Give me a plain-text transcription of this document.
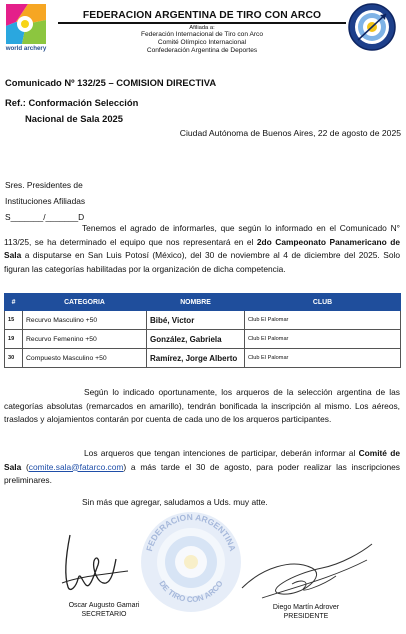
world archery
FEDERACION ARGENTINA DE TIRO CON ARCO
Afiliada a:
Federación Internacional de Tiro con Arco
Comité Olímpico Internacional
Confederación Argentina de Deportes
Comunicado Nº 132/25 – COMISION DIRECTIVA
Ref.: Conformación Selección
Nacional de Sala 2025
Ciudad Autónoma de Buenos Aires, 22 de agosto de 2025
Sres. Presidentes de
Instituciones Afiliadas
S_______/_______D
Tenemos el agrado de informarles, que según lo informado en el Comunicado N° 113/25, se ha determinado el equipo que nos representará en el 2do Campeonato Panamericano de Sala a disputarse en San Luis Potosí (México), del 30 de noviembre al 4 de diciembre del 2025. Solo figuran las categorías habilitadas por la organización de dicha competencia.
#	CATEGORIA	NOMBRE	CLUB
15	Recurvo Masculino +50	Bibé, Victor	Club El Palomar
19	Recurvo Femenino +50	González, Gabriela	Club El Palomar
30	Compuesto Masculino +50	Ramírez, Jorge Alberto	Club El Palomar
Según lo indicado oportunamente, los arqueros de la selección argentina de las categorías absolutas (remarcados en amarillo), tendrán bonificada la inscripción al mismo. Los aéreos, traslados y alojamientos contarán por cuenta de cada uno de los arqueros participantes.
Los arqueros que tengan intenciones de participar, deberán informar al Comité de Sala (comite.sala@fatarco.com) a más tarde el 30 de agosto, para poder realizar las inscripciones preliminares.
Sin más que agregar, saludamos a Uds. muy atte.
FEDERACION ARGENTINA
DE TIRO CON ARCO
Oscar Augusto Gamari
SECRETARIO
Diego Martín Adrover
PRESIDENTE
